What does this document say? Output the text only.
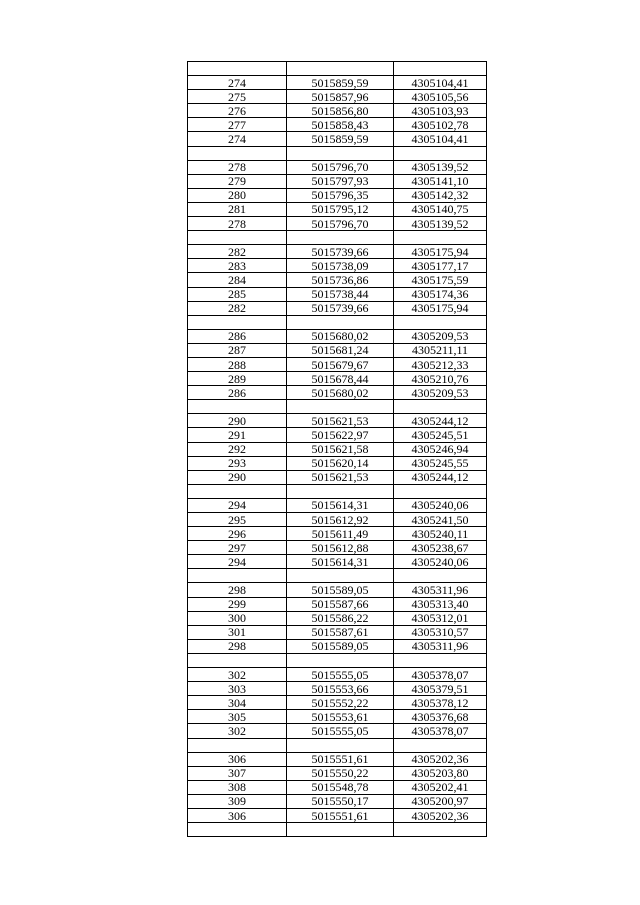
274	5015859,59	4305104,41
275	5015857,96	4305105,56
276	5015856,80	4305103,93
277	5015858,43	4305102,78
274	5015859,59	4305104,41

278	5015796,70	4305139,52
279	5015797,93	4305141,10
280	5015796,35	4305142,32
281	5015795,12	4305140,75
278	5015796,70	4305139,52

282	5015739,66	4305175,94
283	5015738,09	4305177,17
284	5015736,86	4305175,59
285	5015738,44	4305174,36
282	5015739,66	4305175,94

286	5015680,02	4305209,53
287	5015681,24	4305211,11
288	5015679,67	4305212,33
289	5015678,44	4305210,76
286	5015680,02	4305209,53

290	5015621,53	4305244,12
291	5015622,97	4305245,51
292	5015621,58	4305246,94
293	5015620,14	4305245,55
290	5015621,53	4305244,12

294	5015614,31	4305240,06
295	5015612,92	4305241,50
296	5015611,49	4305240,11
297	5015612,88	4305238,67
294	5015614,31	4305240,06

298	5015589,05	4305311,96
299	5015587,66	4305313,40
300	5015586,22	4305312,01
301	5015587,61	4305310,57
298	5015589,05	4305311,96

302	5015555,05	4305378,07
303	5015553,66	4305379,51
304	5015552,22	4305378,12
305	5015553,61	4305376,68
302	5015555,05	4305378,07

306	5015551,61	4305202,36
307	5015550,22	4305203,80
308	5015548,78	4305202,41
309	5015550,17	4305200,97
306	5015551,61	4305202,36
